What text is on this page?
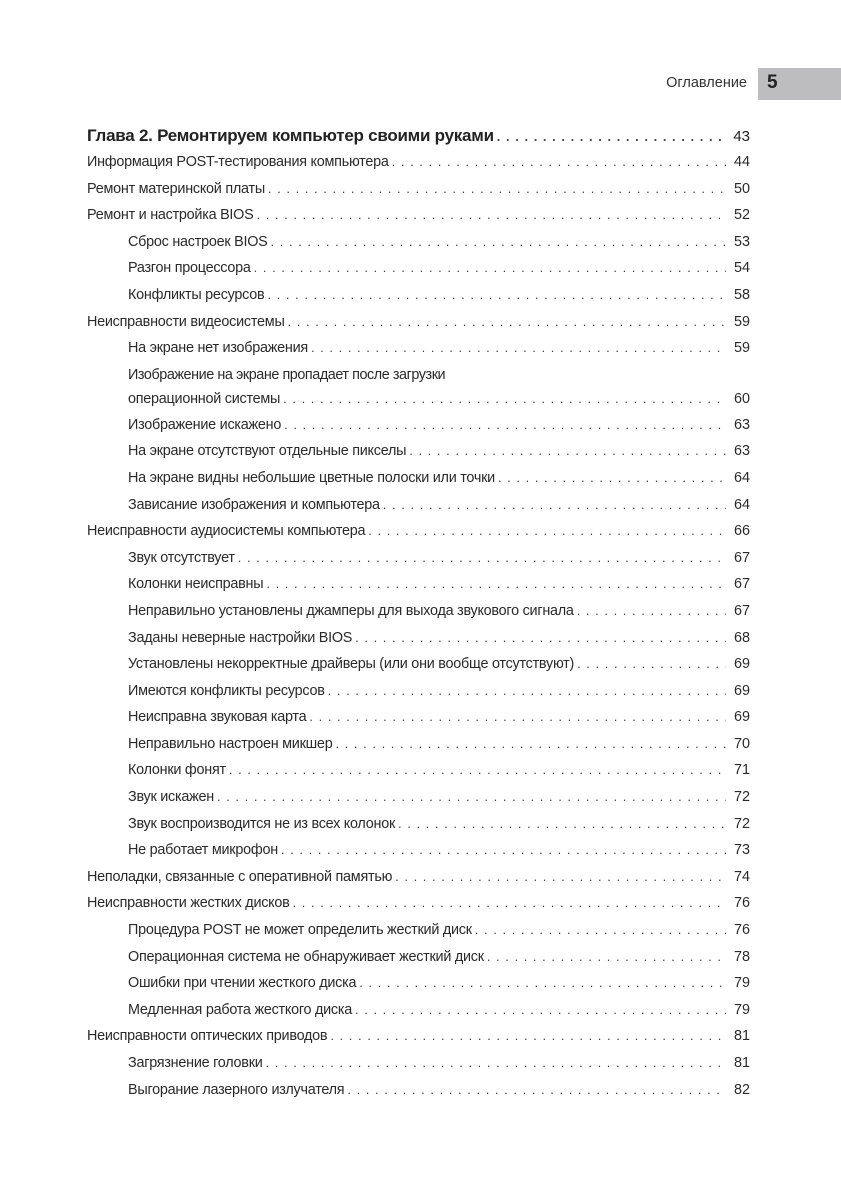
Оглавление 5
Глава 2. Ремонтируем компьютер своими руками . . .	43
Информация POST-тестирования компьютера . . .	44
Ремонт материнской платы . . .	50
Ремонт и настройка BIOS . . .	52
Сброс настроек BIOS . . .	53
Разгон процессора . . .	54
Конфликты ресурсов . . .	58
Неисправности видеосистемы . . .	59
На экране нет изображения . . .	59
Изображение на экране пропадает после загрузки
операционной системы . . .	60
Изображение искажено . . .	63
На экране отсутствуют отдельные пикселы . . .	63
На экране видны небольшие цветные полоски или точки . . .	64
Зависание изображения и компьютера . . .	64
Неисправности аудиосистемы компьютера . . .	66
Звук отсутствует . . .	67
Колонки неисправны . . .	67
Неправильно установлены джамперы для выхода звукового сигнала . . .	67
Заданы неверные настройки BIOS . . .	68
Установлены некорректные драйверы (или они вообще отсутствуют) . . .	69
Имеются конфликты ресурсов . . .	69
Неисправна звуковая карта . . .	69
Неправильно настроен микшер . . .	70
Колонки фонят . . .	71
Звук искажен . . .	72
Звук воспроизводится не из всех колонок . . .	72
Не работает микрофон . . .	73
Неполадки, связанные с оперативной памятью . . .	74
Неисправности жестких дисков . . .	76
Процедура POST не может определить жесткий диск . . .	76
Операционная система не обнаруживает жесткий диск . . .	78
Ошибки при чтении жесткого диска . . .	79
Медленная работа жесткого диска . . .	79
Неисправности оптических приводов . . .	81
Загрязнение головки . . .	81
Выгорание лазерного излучателя . . .	82
